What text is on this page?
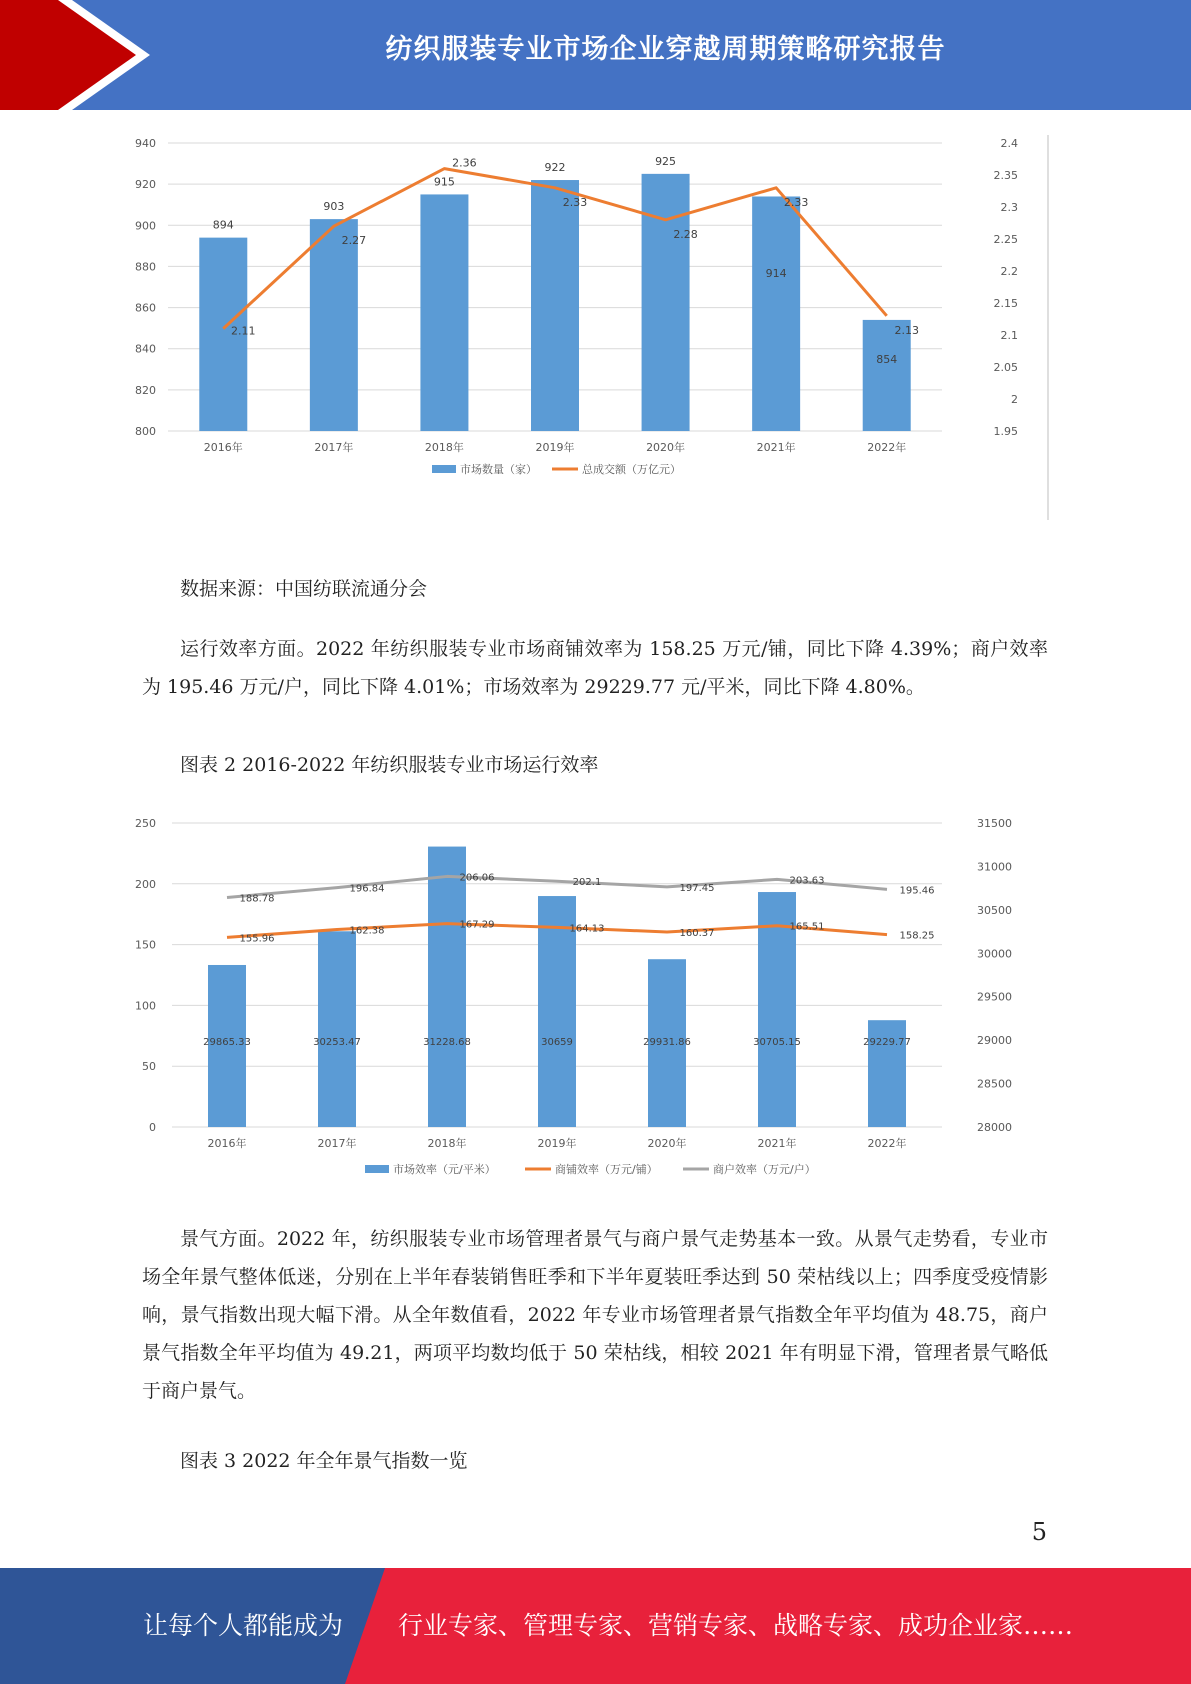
纺织服装专业市场企业穿越周期策略研究报告
894
903
915
922	925
914
854
2.11
2.27
2.36
2.33
2.28
2.33
2.13
800
820
840
860
880
900
920
940
1.95
2
2.05
2.1
2.15
2.2
2.25
2.3
2.35
2.4
2016年	2017年	2018年	2019年	2020年	2021年	2022年
市场数量（家）	总成交额（万亿元）

数据来源：中国纺联流通分会

运行效率方面。2022 年纺织服装专业市场商铺效率为 158.25 万元/铺，同比下降 4.39%；商户效率为 195.46 万元/户，同比下降 4.01%；市场效率为 29229.77 元/平米，同比下降 4.80%。

图表 2 2016-2022 年纺织服装专业市场运行效率

29865.33	30253.47	31228.68	30659	29931.86	30705.15	29229.77
155.96
162.38
167.29	164.13	160.37
165.51
158.25
188.78
196.84
206.06	202.1
197.45
203.63
195.46
0
50
100
150
200
250
28000
28500
29000
29500
30000
30500
31000
31500
2016年	2017年	2018年	2019年	2020年	2021年	2022年
市场效率（元/平米）	商铺效率（万元/铺）	商户效率（万元/户）

景气方面。2022 年，纺织服装专业市场管理者景气与商户景气走势基本一致。从景气走势看，专业市场全年景气整体低迷，分别在上半年春装销售旺季和下半年夏装旺季达到 50 荣枯线以上；四季度受疫情影响，景气指数出现大幅下滑。从全年数值看，2022 年专业市场管理者景气指数全年平均值为 48.75，商户景气指数全年平均值为 49.21，两项平均数均低于 50 荣枯线，相较 2021 年有明显下滑，管理者景气略低于商户景气。

图表 3 2022 年全年景气指数一览

5
让每个人都能成为 行业专家、管理专家、营销专家、战略专家、成功企业家……
